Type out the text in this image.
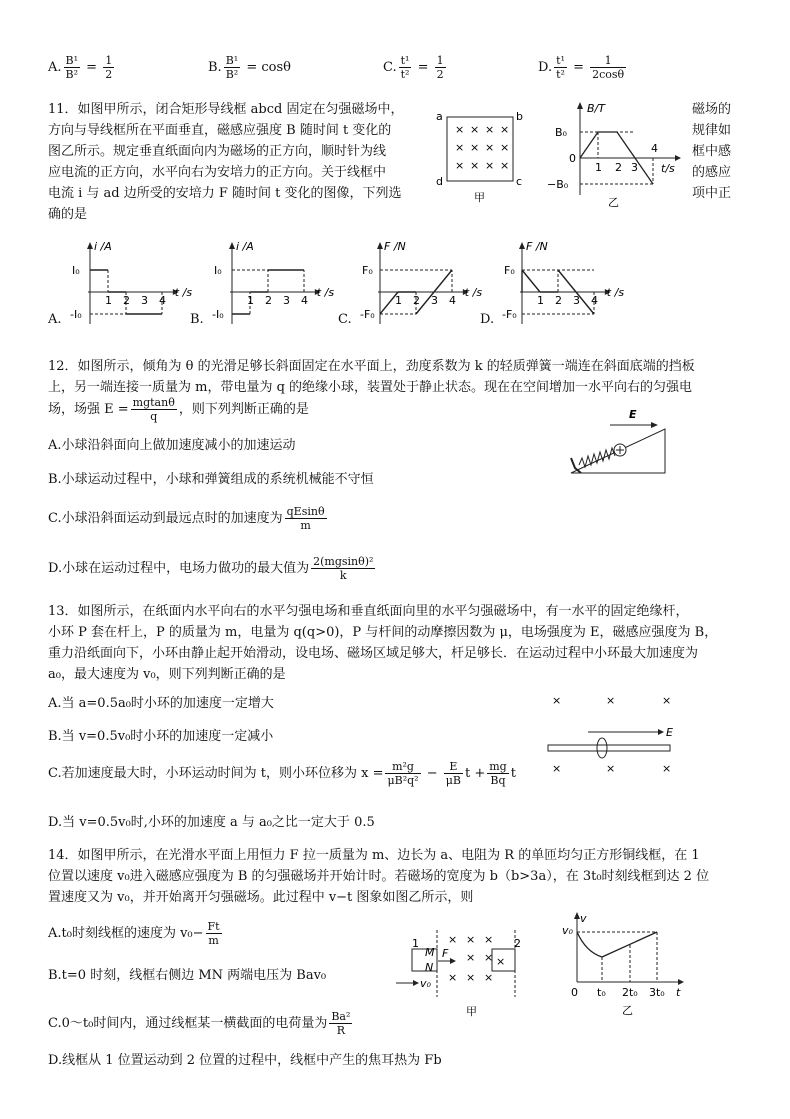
A. $\frac{\text{B¹}}{\text{B²}} = \frac{1}{2}$	B. $\frac{\text{B¹}}{\text{B²}} = \cos\theta$	C. $\frac{\text{t¹}}{\text{t²}} = \frac{1}{2}$	D. $\frac{\text{t¹}}{\text{t²}} = \frac{1}{2\cos\theta}$
11．如图甲所示，闭合矩形导线框 abcd 固定在匀强磁场中，
方向与导线框所在平面垂直，磁感应强度 B 随时间 t 变化的
图乙所示。规定垂直纸面向内为磁场的正方向，顺时针为线
应电流的正方向，水平向右为安培力的正方向。关于线框中
电流 i 与 ad 边所受的安培力 F 随时间 t 变化的图像，下列选
确的是
磁场的
规律如
框中感
的感应
项中正
× × × ×
× × × ×
× × × ×
a	b
c
d
甲
B/T
B₀
0
−B₀
1 2 3
4
t/s
乙
i /A
I₀
-I₀
1 2 3 4
t /s
A.
i /A
I₀
-I₀
1 2 3 4
t /s
B.
F /N
F₀
-F₀
1 2 3 4
t /s
C.
F /N
F₀
-F₀
1 2 3 4
t /s
D.
12．如图所示，倾角为 θ 的光滑足够长斜面固定在水平面上，劲度系数为 k 的轻质弹簧一端连在斜面底端的挡板
上，另一端连接一质量为 m，带电量为 q 的绝缘小球，装置处于静止状态。现在在空间增加一水平向右的匀强电
场，场强 $E = \frac{mgtan\theta}{q}$ ，则下列判断正确的是
A.小球沿斜面向上做加速度减小的加速运动
B.小球运动过程中，小球和弹簧组成的系统机械能不守恒
C.小球沿斜面运动到最远点时的加速度为 $\frac{qEsin\theta}{m}$
D.小球在运动过程中，电场力做功的最大值为 $\frac{\text{2(mgsinθ)²}}{k}$
E
13．如图所示，在纸面内水平向右的水平匀强电场和垂直纸面向里的水平匀强磁场中，有一水平的固定绝缘杆，
小环 P 套在杆上，P 的质量为 m，电量为 q(q>0)，P 与杆间的动摩擦因数为 μ，电场强度为 E，磁感应强度为 B，
重力沿纸面向下，小环由静止起开始滑动，设电场、磁场区域足够大，杆足够长．在运动过程中小环最大加速度为
a₀，最大速度为 v₀，则下列判断正确的是
A.当 a=0.5a₀时小环的加速度一定增大
B.当 v=0.5v₀时小环的加速度一定减小
C.若加速度最大时，小环运动时间为 t，则小环位移为 $x = \frac{\text{m²g}}{\text{μB²q²}} - \frac{E}{\mu B}$ $t + \frac{mg}{Bq}$ t
D.当 v=0.5v₀时,小环的加速度 a 与 a₀之比一定大于 0.5
×	×	×
×	×	×
E
14．如图甲所示，在光滑水平面上用恒力 F 拉一质量为 m、边长为 a、电阻为 R 的单匝均匀正方形铜线框，在 1
位置以速度 v₀进入磁感应强度为 B 的匀强磁场并开始计时。若磁场的宽度为 b（b>3a），在 3t₀时刻线框到达 2 位
置速度又为 v₀，并开始离开匀强磁场。此过程中 v−t 图象如图乙所示，则
A.t₀时刻线框的速度为 $v_0- \frac{Ft}{m}$
B.t=0 时刻，线框右侧边 MN 两端电压为 Bav₀
C.0～t₀时间内，通过线框某一横截面的电荷量为 $\frac{\text{Ba²}}{R}$
D.线框从 1 位置运动到 2 位置的过程中，线框中产生的焦耳热为 Fb
× × ×
× ×
× × ×
×
1	2
M
N
F
v₀
甲
v
v₀
0 t₀ 2t₀ 3t₀ t
乙
